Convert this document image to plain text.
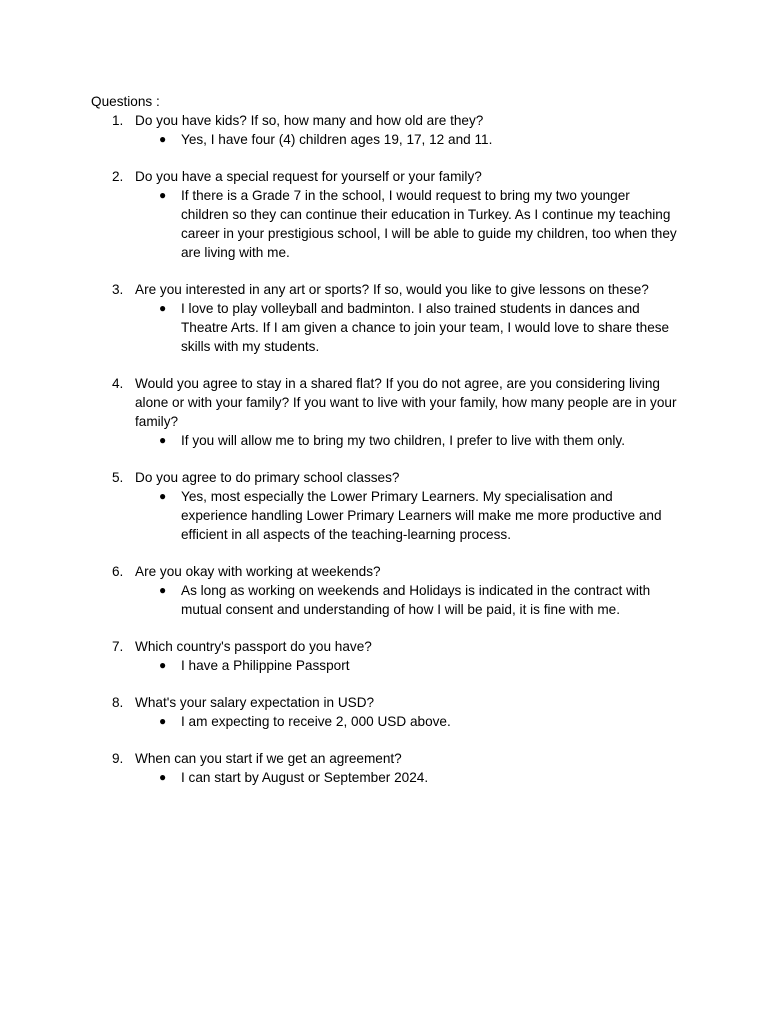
Questions :
1. Do you have kids? If so, how many and how old are they?
● Yes, I have four (4) children ages 19, 17, 12 and 11.
2. Do you have a special request for yourself or your family?
● If there is a Grade 7 in the school, I would request to bring my two younger children so they can continue their education in Turkey. As I continue my teaching career in your prestigious school, I will be able to guide my children, too when they are living with me.
3. Are you interested in any art or sports? If so, would you like to give lessons on these?
● I love to play volleyball and badminton. I also trained students in dances and Theatre Arts. If I am given a chance to join your team, I would love to share these skills with my students.
4. Would you agree to stay in a shared flat? If you do not agree, are you considering living alone or with your family? If you want to live with your family, how many people are in your family?
● If you will allow me to bring my two children, I prefer to live with them only.
5. Do you agree to do primary school classes?
● Yes, most especially the Lower Primary Learners. My specialisation and experience handling Lower Primary Learners will make me more productive and efficient in all aspects of the teaching-learning process.
6. Are you okay with working at weekends?
● As long as working on weekends and Holidays is indicated in the contract with mutual consent and understanding of how I will be paid, it is fine with me.
7. Which country's passport do you have?
● I have a Philippine Passport
8. What's your salary expectation in USD?
● I am expecting to receive 2, 000 USD above.
9. When can you start if we get an agreement?
● I can start by August or September 2024.
